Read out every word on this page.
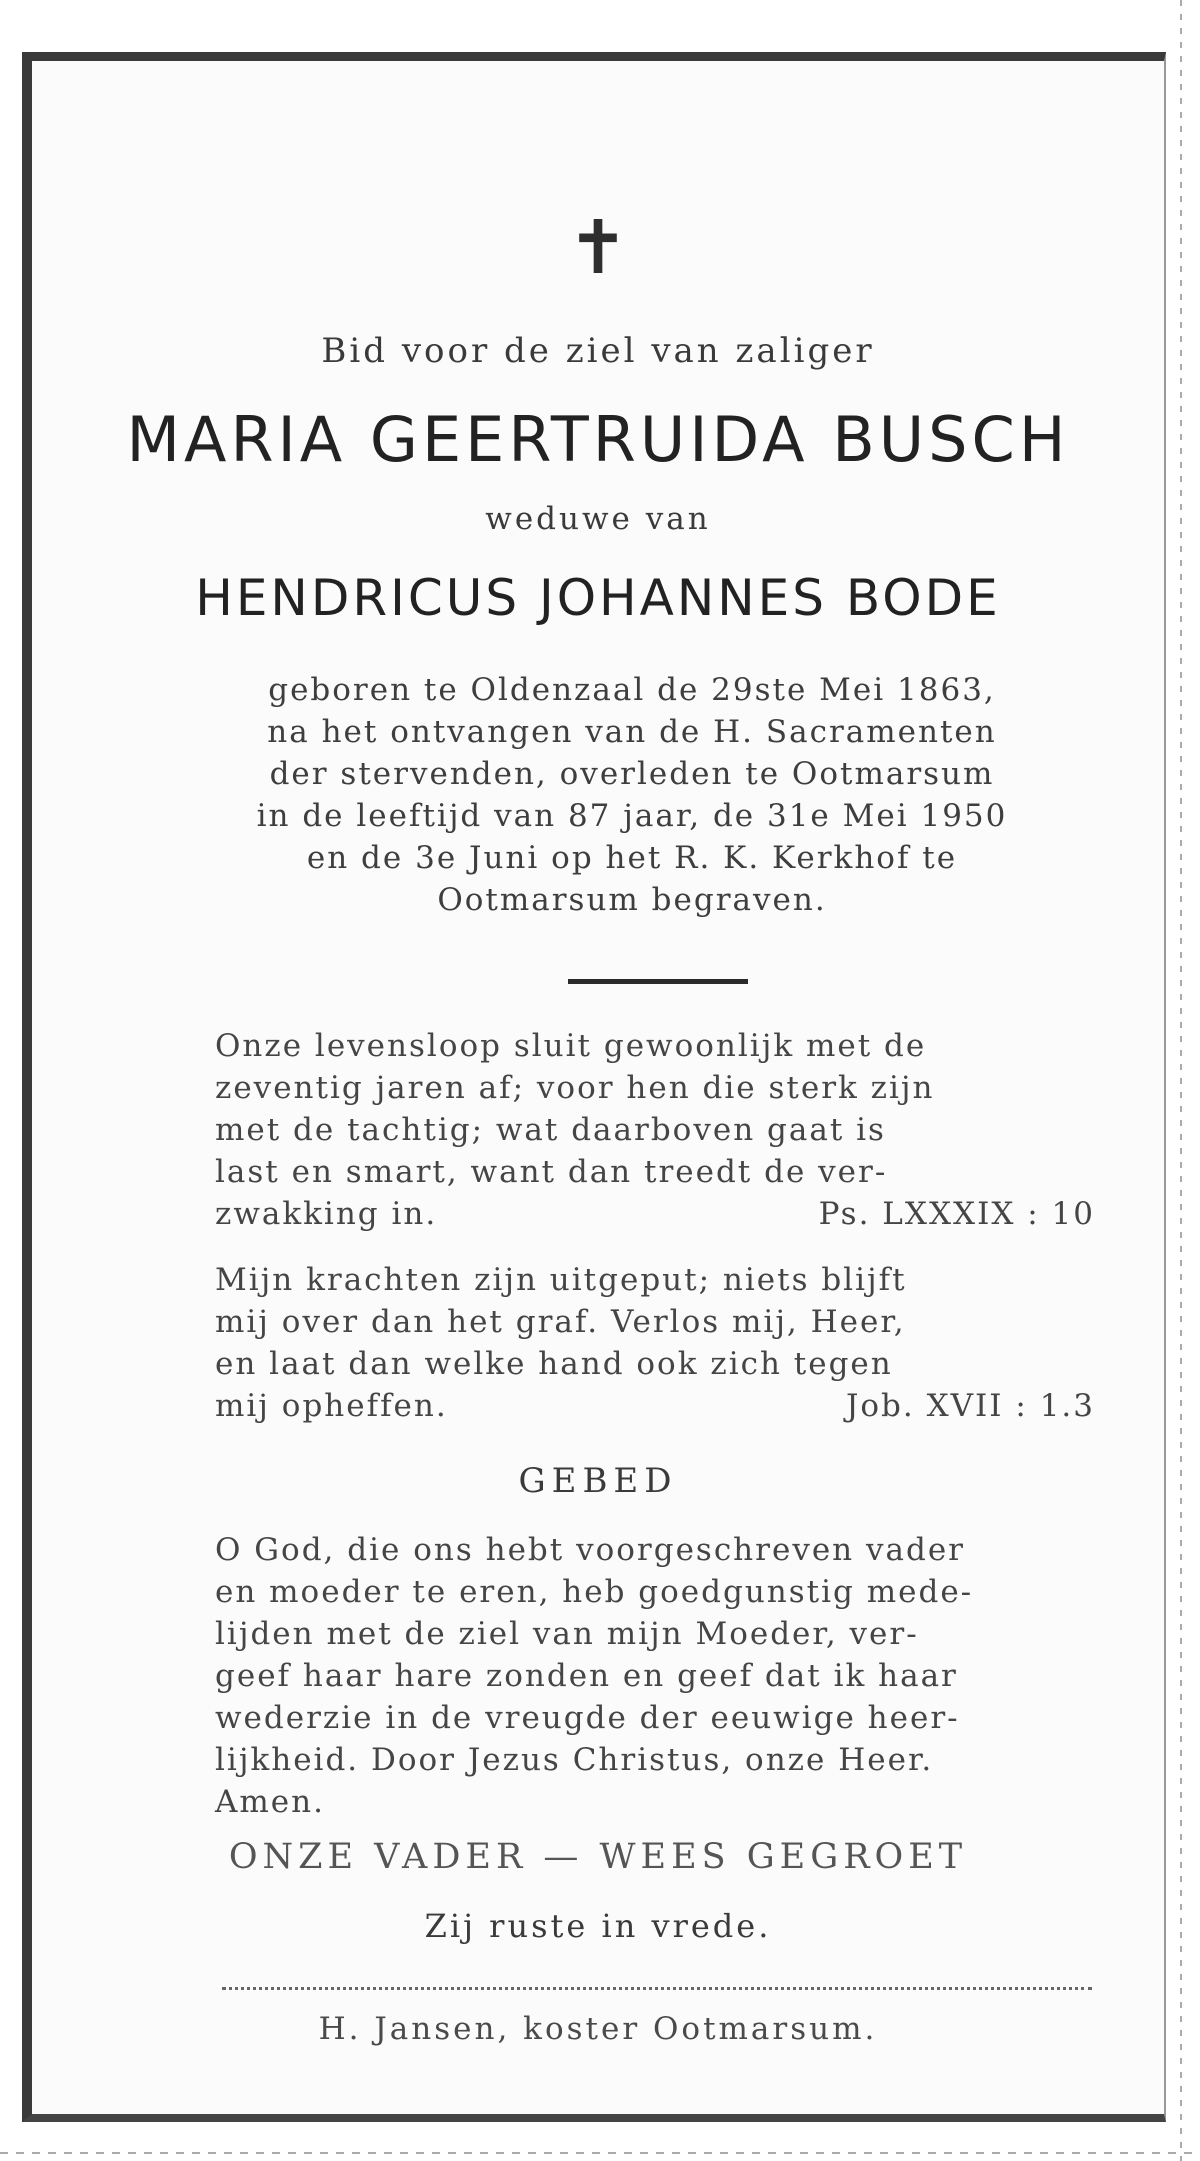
✝
Bid voor de ziel van zaliger
MARIA GEERTRUIDA BUSCH
weduwe van
HENDRICUS JOHANNES BODE
geboren te Oldenzaal de 29ste Mei 1863,
na het ontvangen van de H. Sacramenten
der stervenden, overleden te Ootmarsum
in de leeftijd van 87 jaar, de 31e Mei 1950
en de 3e Juni op het R. K. Kerkhof te
Ootmarsum begraven.
Onze levensloop sluit gewoonlijk met de
zeventig jaren af; voor hen die sterk zijn
met de tachtig; wat daarboven gaat is
last en smart, want dan treedt de ver-
zwakking in.	Ps. LXXXIX : 10
Mijn krachten zijn uitgeput; niets blijft
mij over dan het graf. Verlos mij, Heer,
en laat dan welke hand ook zich tegen
mij opheffen.	Job. XVII : 1.3
GEBED
O God, die ons hebt voorgeschreven vader
en moeder te eren, heb goedgunstig mede-
lijden met de ziel van mijn Moeder, ver-
geef haar hare zonden en geef dat ik haar
wederzie in de vreugde der eeuwige heer-
lijkheid. Door Jezus Christus, onze Heer.
Amen.
ONZE VADER — WEES GEGROET
Zij ruste in vrede.
H. Jansen, koster Ootmarsum.
